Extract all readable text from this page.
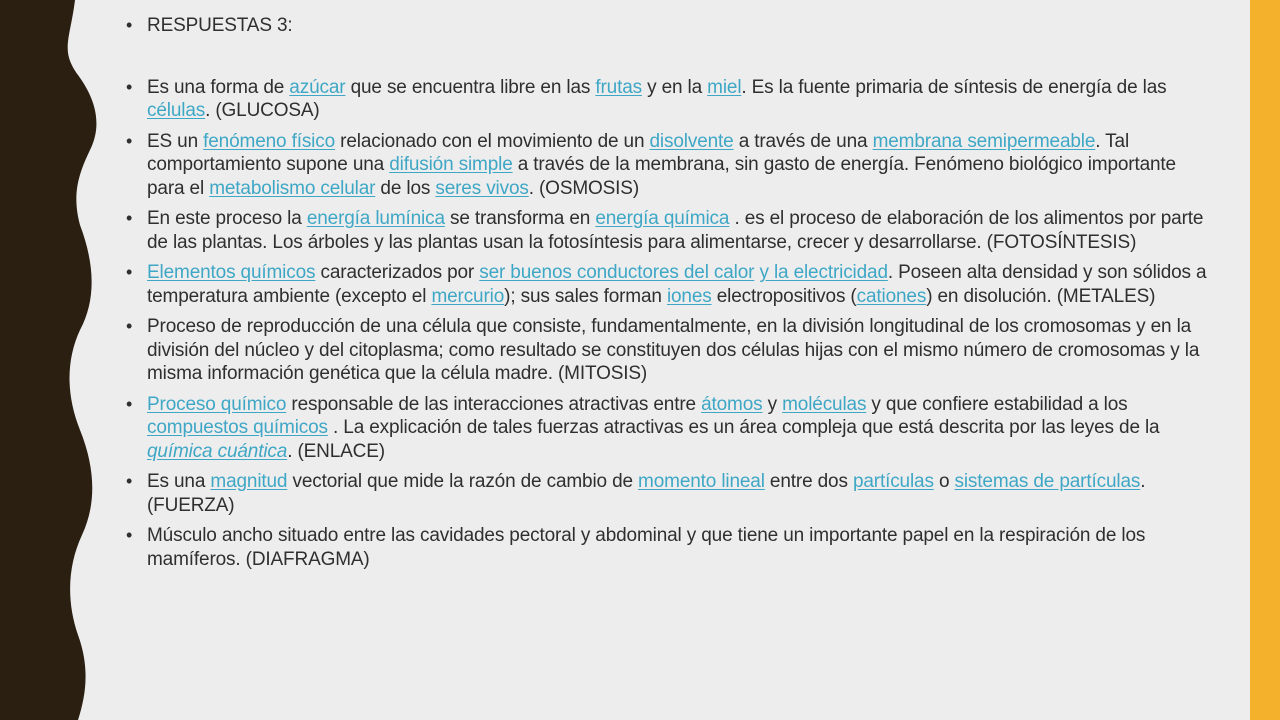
• RESPUESTAS 3:
• Es una forma de azúcar que se encuentra libre en las frutas y en la miel. Es la fuente primaria de síntesis de energía de las células. (GLUCOSA)
• ES un fenómeno físico relacionado con el movimiento de un disolvente a través de una membrana semipermeable. Tal comportamiento supone una difusión simple a través de la membrana, sin gasto de energía. Fenómeno biológico importante para el metabolismo celular de los seres vivos. (OSMOSIS)
• En este proceso la energía lumínica se transforma en energía química . es el proceso de elaboración de los alimentos por parte de las plantas. Los árboles y las plantas usan la fotosíntesis para alimentarse, crecer y desarrollarse. (FOTOSÍNTESIS)
• Elementos químicos caracterizados por ser buenos conductores del calor y la electricidad. Poseen alta densidad y son sólidos a temperatura ambiente (excepto el mercurio); sus sales forman iones electropositivos (cationes) en disolución. (METALES)
• Proceso de reproducción de una célula que consiste, fundamentalmente, en la división longitudinal de los cromosomas y en la división del núcleo y del citoplasma; como resultado se constituyen dos células hijas con el mismo número de cromosomas y la misma información genética que la célula madre. (MITOSIS)
• Proceso químico responsable de las interacciones atractivas entre átomos y moléculas y que confiere estabilidad a los compuestos químicos . La explicación de tales fuerzas atractivas es un área compleja que está descrita por las leyes de la química cuántica. (ENLACE)
• Es una magnitud vectorial que mide la razón de cambio de momento lineal entre dos partículas o sistemas de partículas. (FUERZA)
• Músculo ancho situado entre las cavidades pectoral y abdominal y que tiene un importante papel en la respiración de los mamíferos. (DIAFRAGMA)
